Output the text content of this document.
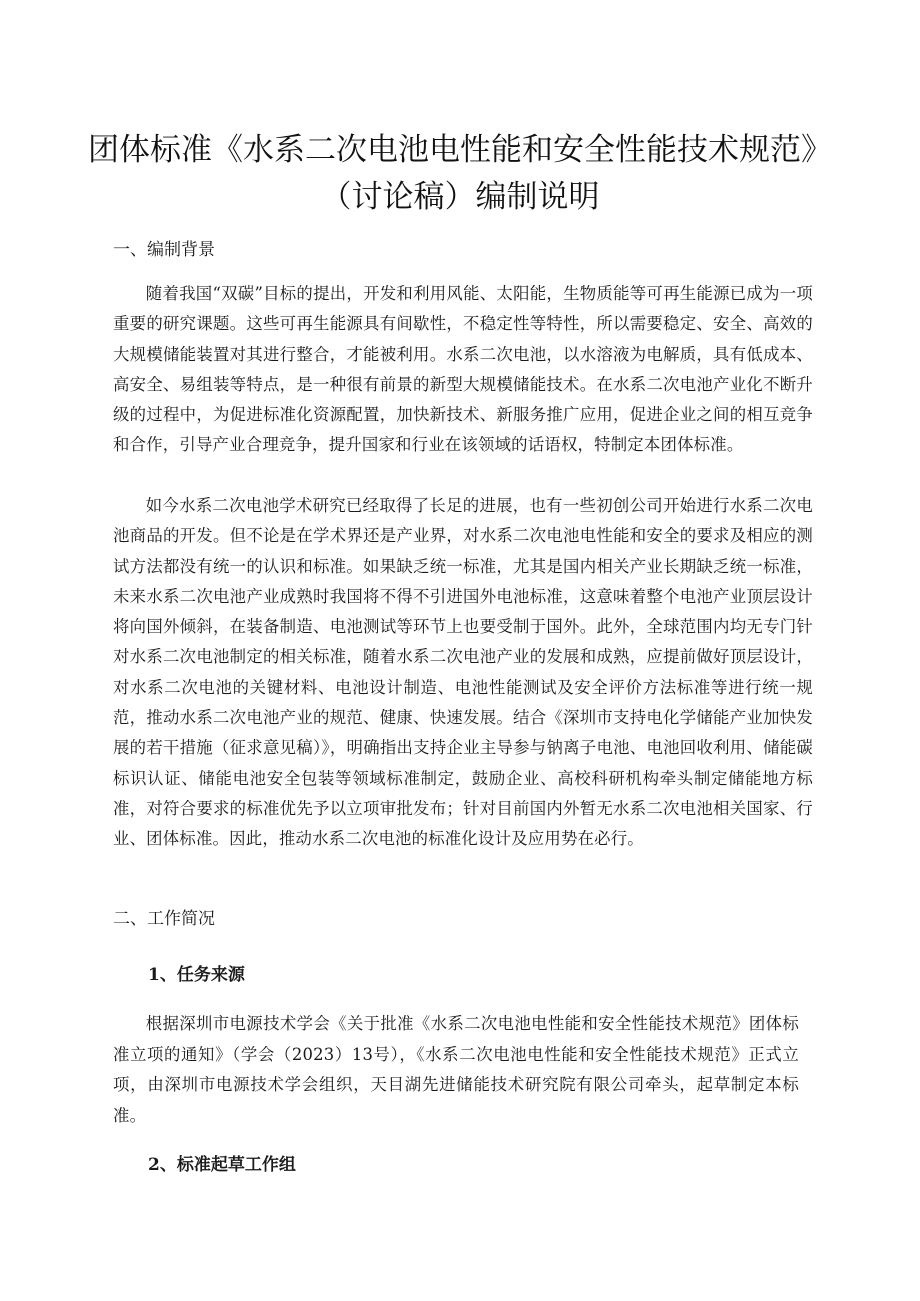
团体标准《水系二次电池电性能和安全性能技术规范》
（讨论稿）编制说明
一、编制背景
随着我国“双碳”目标的提出，开发和利用风能、太阳能，生物质能等可再生能源已成为一项重要的研究课题。这些可再生能源具有间歇性，不稳定性等特性，所以需要稳定、安全、高效的大规模储能装置对其进行整合，才能被利用。水系二次电池，以水溶液为电解质，具有低成本、高安全、易组装等特点，是一种很有前景的新型大规模储能技术。在水系二次电池产业化不断升级的过程中，为促进标准化资源配置，加快新技术、新服务推广应用，促进企业之间的相互竞争和合作，引导产业合理竞争，提升国家和行业在该领域的话语权，特制定本团体标准。
如今水系二次电池学术研究已经取得了长足的进展，也有一些初创公司开始进行水系二次电池商品的开发。但不论是在学术界还是产业界，对水系二次电池电性能和安全的要求及相应的测试方法都没有统一的认识和标准。如果缺乏统一标准，尤其是国内相关产业长期缺乏统一标准，未来水系二次电池产业成熟时我国将不得不引进国外电池标准，这意味着整个电池产业顶层设计将向国外倾斜，在装备制造、电池测试等环节上也要受制于国外。此外，全球范围内均无专门针对水系二次电池制定的相关标准，随着水系二次电池产业的发展和成熟，应提前做好顶层设计，对水系二次电池的关键材料、电池设计制造、电池性能测试及安全评价方法标准等进行统一规范，推动水系二次电池产业的规范、健康、快速发展。结合《深圳市支持电化学储能产业加快发展的若干措施（征求意见稿）》，明确指出支持企业主导参与钠离子电池、电池回收利用、储能碳标识认证、储能电池安全包装等领域标准制定，鼓励企业、高校科研机构牵头制定储能地方标准，对符合要求的标准优先予以立项审批发布；针对目前国内外暂无水系二次电池相关国家、行业、团体标准。因此，推动水系二次电池的标准化设计及应用势在必行。
二、工作简况
1、任务来源
根据深圳市电源技术学会《关于批准《水系二次电池电性能和安全性能技术规范》团体标准立项的通知》（学会（2023）13号），《水系二次电池电性能和安全性能技术规范》正式立项，由深圳市电源技术学会组织，天目湖先进储能技术研究院有限公司牵头，起草制定本标准。
2、标准起草工作组
